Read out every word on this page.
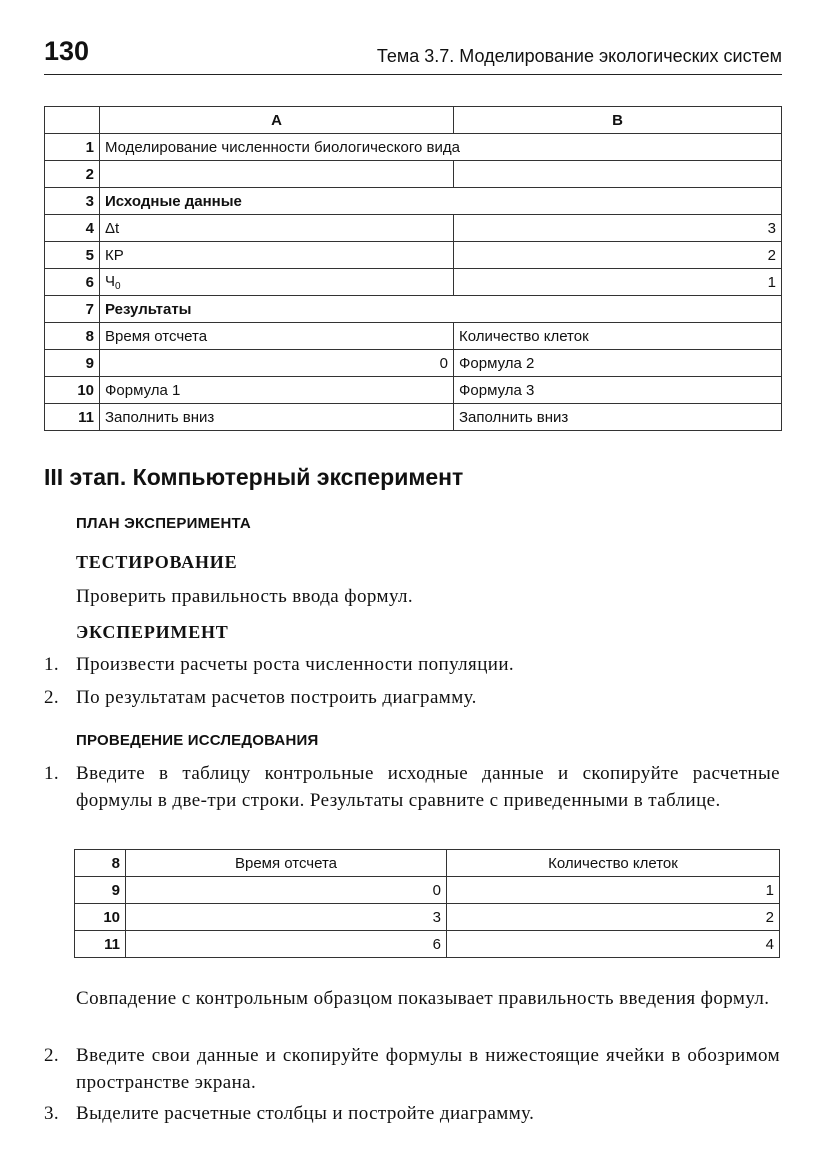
130	Тема 3.7. Моделирование экологических систем
	A	B
1	Моделирование численности биологического вида	
2		
3	Исходные данные	
4	Δt	3
5	КР	2
6	$Ч_0$	1
7	Результаты	
8	Время отсчета	Количество клеток
9	0	Формула 2
10	Формула 1	Формула 3
11	Заполнить вниз	Заполнить вниз
III этап. Компьютерный эксперимент
ПЛАН ЭКСПЕРИМЕНТА
ТЕСТИРОВАНИЕ
Проверить правильность ввода формул.
ЭКСПЕРИМЕНТ
1. Произвести расчеты роста численности популяции.
2. По результатам расчетов построить диаграмму.
ПРОВЕДЕНИЕ ИССЛЕДОВАНИЯ
1. Введите в таблицу контрольные исходные данные и скопируйте расчетные формулы в две-три строки. Результаты сравните с приведенными в таблице.
8	Время отсчета	Количество клеток
9	0	1
10	3	2
11	6	4
Совпадение с контрольным образцом показывает правильность введения формул.
2. Введите свои данные и скопируйте формулы в нижестоящие ячейки в обозримом пространстве экрана.
3. Выделите расчетные столбцы и постройте диаграмму.
